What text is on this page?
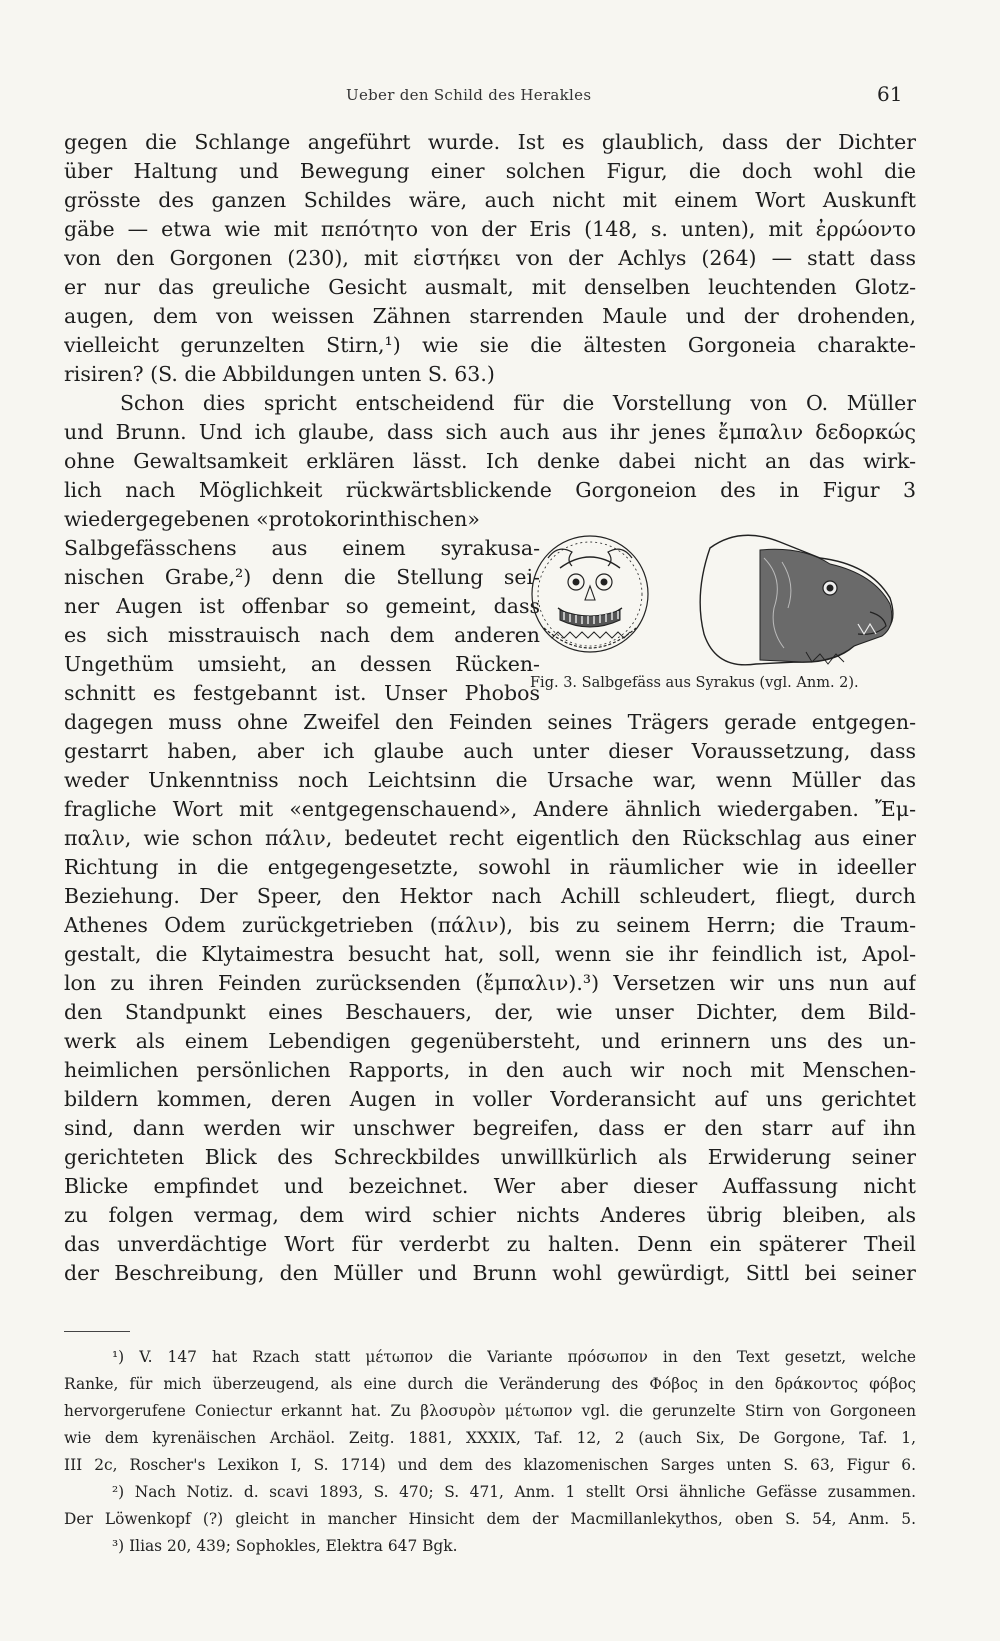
Ueber den Schild des Herakles	61
gegen die Schlange angeführt wurde. Ist es glaublich, dass der Dichter
über Haltung und Bewegung einer solchen Figur, die doch wohl die
grösste des ganzen Schildes wäre, auch nicht mit einem Wort Auskunft
gäbe — etwa wie mit πεπότητο von der Eris (148, s. unten), mit ἐρρώοντο
von den Gorgonen (230), mit εἱστήκει von der Achlys (264) — statt dass
er nur das greuliche Gesicht ausmalt, mit denselben leuchtenden Glotz-
augen, dem von weissen Zähnen starrenden Maule und der drohenden,
vielleicht gerunzelten Stirn,¹) wie sie die ältesten Gorgoneia charakte-
risiren? (S. die Abbildungen unten S. 63.)
Schon dies spricht entscheidend für die Vorstellung von O. Müller
und Brunn. Und ich glaube, dass sich auch aus ihr jenes ἔμπαλιν δεδορκώς
ohne Gewaltsamkeit erklären lässt. Ich denke dabei nicht an das wirk-
lich nach Möglichkeit rückwärtsblickende Gorgoneion des in Figur 3
wiedergegebenen «protokorinthischen»
Salbgefässchens aus einem syrakusa-
nischen Grabe,²) denn die Stellung sei-
ner Augen ist offenbar so gemeint, dass
es sich misstrauisch nach dem anderen
Ungethüm umsieht, an dessen Rücken-
schnitt es festgebannt ist. Unser Phobos
dagegen muss ohne Zweifel den Feinden seines Trägers gerade entgegen-
gestarrt haben, aber ich glaube auch unter dieser Voraussetzung, dass
weder Unkenntniss noch Leichtsinn die Ursache war, wenn Müller das
fragliche Wort mit «entgegenschauend», Andere ähnlich wiedergaben. Ἔμ-
παλιν, wie schon πάλιν, bedeutet recht eigentlich den Rückschlag aus einer
Richtung in die entgegengesetzte, sowohl in räumlicher wie in ideeller
Beziehung. Der Speer, den Hektor nach Achill schleudert, fliegt, durch
Athenes Odem zurückgetrieben (πάλιν), bis zu seinem Herrn; die Traum-
gestalt, die Klytaimestra besucht hat, soll, wenn sie ihr feindlich ist, Apol-
lon zu ihren Feinden zurücksenden (ἔμπαλιν).³) Versetzen wir uns nun auf
den Standpunkt eines Beschauers, der, wie unser Dichter, dem Bild-
werk als einem Lebendigen gegenübersteht, und erinnern uns des un-
heimlichen persönlichen Rapports, in den auch wir noch mit Menschen-
bildern kommen, deren Augen in voller Vorderansicht auf uns gerichtet
sind, dann werden wir unschwer begreifen, dass er den starr auf ihn
gerichteten Blick des Schreckbildes unwillkürlich als Erwiderung seiner
Blicke empfindet und bezeichnet. Wer aber dieser Auffassung nicht
zu folgen vermag, dem wird schier nichts Anderes übrig bleiben, als
das unverdächtige Wort für verderbt zu halten. Denn ein späterer Theil
der Beschreibung, den Müller und Brunn wohl gewürdigt, Sittl bei seiner
Fig. 3. Salbgefäss aus Syrakus (vgl. Anm. 2).
¹) V. 147 hat Rzach statt μέτωπον die Variante πρόσωπον in den Text gesetzt, welche
Ranke, für mich überzeugend, als eine durch die Veränderung des Φόβος in den δράκοντος φόβος
hervorgerufene Coniectur erkannt hat. Zu βλοσυρὸν μέτωπον vgl. die gerunzelte Stirn von Gorgoneen
wie dem kyrenäischen Archäol. Zeitg. 1881, XXXIX, Taf. 12, 2 (auch Six, De Gorgone, Taf. 1,
III 2c, Roscher's Lexikon I, S. 1714) und dem des klazomenischen Sarges unten S. 63, Figur 6.
²) Nach Notiz. d. scavi 1893, S. 470; S. 471, Anm. 1 stellt Orsi ähnliche Gefässe zusammen.
Der Löwenkopf (?) gleicht in mancher Hinsicht dem der Macmillanlekythos, oben S. 54, Anm. 5.
³) Ilias 20, 439; Sophokles, Elektra 647 Bgk.
